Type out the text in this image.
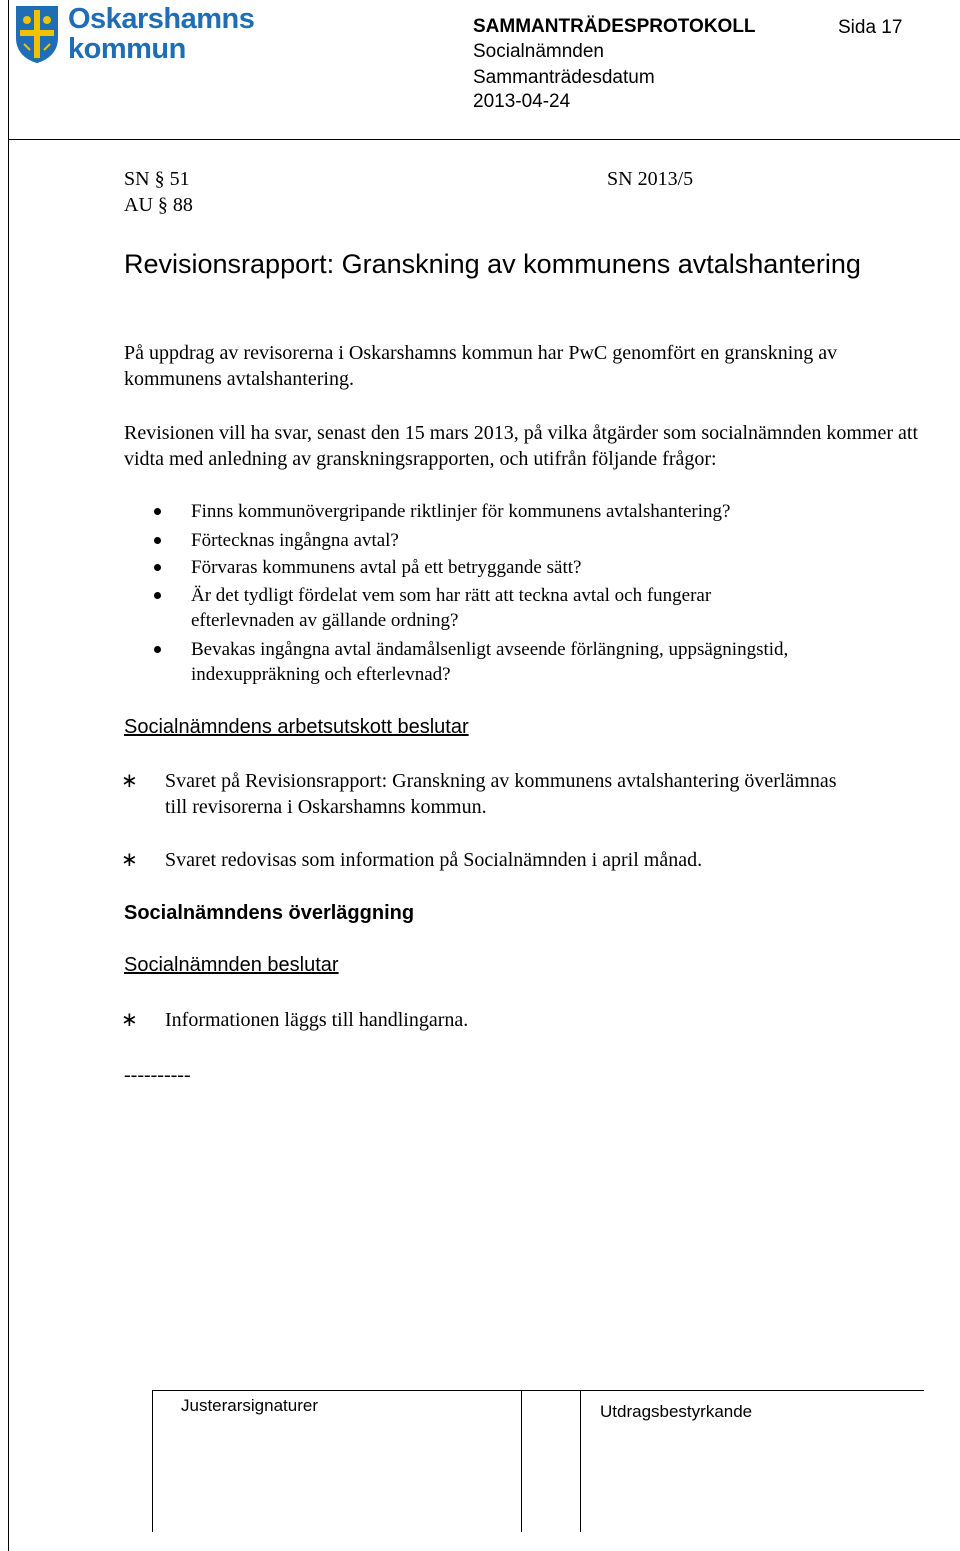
Oskarshamns
kommun
SAMMANTRÄDESPROTOKOLL	Sida 17
Socialnämnden
Sammanträdesdatum
2013-04-24
SN § 51	SN 2013/5
AU § 88
Revisionsrapport: Granskning av kommunens avtalshantering
På uppdrag av revisorerna i Oskarshamns kommun har PwC genomfört en granskning av kommunens avtalshantering.
Revisionen vill ha svar, senast den 15 mars 2013, på vilka åtgärder som socialnämnden kommer att vidta med anledning av granskningsrapporten, och utifrån följande frågor:
Finns kommunövergripande riktlinjer för kommunens avtalshantering?
Förtecknas ingångna avtal?
Förvaras kommunens avtal på ett betryggande sätt?
Är det tydligt fördelat vem som har rätt att teckna avtal och fungerar
efterlevnaden av gällande ordning?
Bevakas ingångna avtal ändamålsenligt avseende förlängning, uppsägningstid,
indexuppräkning och efterlevnad?
Socialnämndens arbetsutskott beslutar
∗ Svaret på Revisionsrapport: Granskning av kommunens avtalshantering överlämnas
till revisorerna i Oskarshamns kommun.
∗ Svaret redovisas som information på Socialnämnden i april månad.
Socialnämndens överläggning
Socialnämnden beslutar
∗ Informationen läggs till handlingarna.
----------
Justerarsignaturer	Utdragsbestyrkande
